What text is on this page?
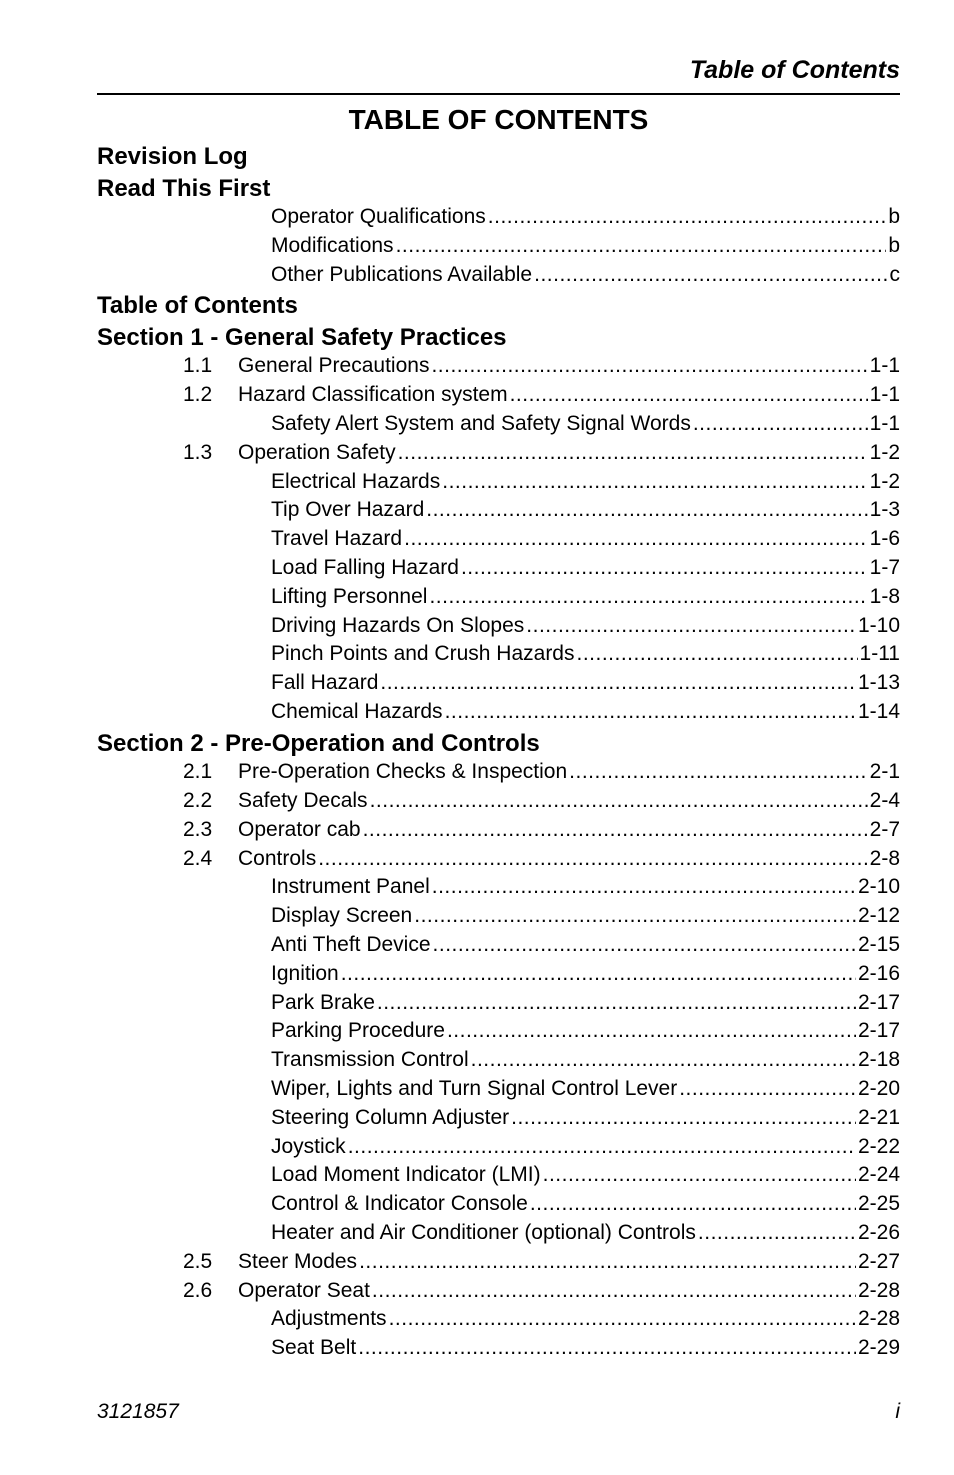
Table of Contents
TABLE OF CONTENTS
Revision Log
Read This First
Operator Qualifications .....	b
Modifications .....	b
Other Publications Available .....	c
Table of Contents
Section 1 - General Safety Practices
1.1 General Precautions .....	1-1
1.2 Hazard Classification system .....	1-1
Safety Alert System and Safety Signal Words .....	1-1
1.3 Operation Safety .....	1-2
Electrical Hazards .....	1-2
Tip Over Hazard .....	1-3
Travel Hazard .....	1-6
Load Falling Hazard .....	1-7
Lifting Personnel .....	1-8
Driving Hazards On Slopes .....	1-10
Pinch Points and Crush Hazards .....	1-11
Fall Hazard .....	1-13
Chemical Hazards .....	1-14
Section 2 - Pre-Operation and Controls
2.1 Pre-Operation Checks & Inspection .....	2-1
2.2 Safety Decals .....	2-4
2.3 Operator cab .....	2-7
2.4 Controls .....	2-8
Instrument Panel .....	2-10
Display Screen .....	2-12
Anti Theft Device .....	2-15
Ignition .....	2-16
Park Brake .....	2-17
Parking Procedure .....	2-17
Transmission Control .....	2-18
Wiper, Lights and Turn Signal Control Lever .....	2-20
Steering Column Adjuster .....	2-21
Joystick .....	2-22
Load Moment Indicator (LMI) .....	2-24
Control & Indicator Console .....	2-25
Heater and Air Conditioner (optional) Controls .....	2-26
2.5 Steer Modes .....	2-27
2.6 Operator Seat .....	2-28
Adjustments .....	2-28
Seat Belt .....	2-29
3121857	i
